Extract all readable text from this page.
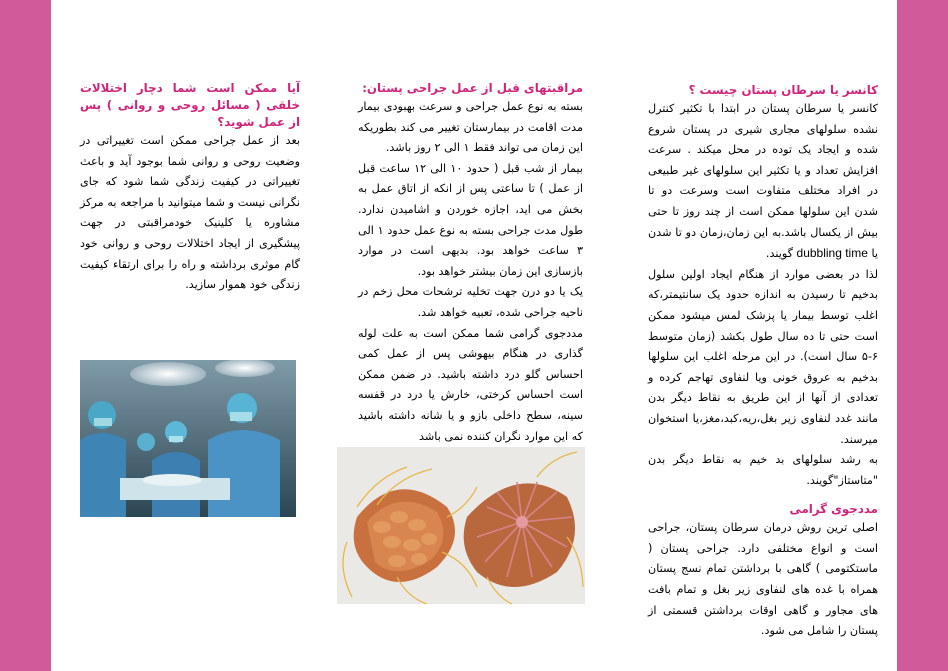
آیا ممکن است شما دچار اختلالات خلقی ( مسائل روحی و روانی ) پس از عمل شوید؟

بعد از عمل جراحی ممکن است تغییراتی در وضعیت روحی و روانی شما بوجود آید و باعث تغییراتی در کیفیت زندگی شما شود که جای نگرانی نیست و شما میتوانید با مراجعه به مرکز مشاوره یا کلینیک خودمراقبتی در جهت پیشگیری از ایجاد اختلالات روحی و روانی خود گام موثری برداشته و راه را برای ارتقاء کیفیت زندگی خود هموار سازید.

مراقبتهای قبل از عمل جراحی پستان:

بسته به نوع عمل جراحی و سرعت بهبودی بیمار مدت اقامت در بیمارستان تغییر می کند بطوریکه این زمان می تواند فقط ۱ الی ۲ روز باشد.

بیمار از شب قبل ( حدود ۱۰ الی ۱۲ ساعت قبل از عمل ) تا ساعتی پس از انکه از اتاق عمل به بخش می اید، اجازه خوردن و اشامیدن ندارد. طول مدت جراحی بسته به نوع عمل حدود ۱ الی ۳ ساعت خواهد بود. بدیهی است در موارد بازسازی این زمان بیشتر خواهد بود.

یک یا دو درن جهت تخلیه ترشحات محل زخم در ناحیه جراحی شده، تعبیه خواهد شد.

مددجوی گرامی شما ممکن است به علت لوله گذاری در هنگام بیهوشی پس از عمل کمی احساس گلو درد داشته باشید. در ضمن ممکن است احساس کرختی، خارش یا درد در قفسه سینه، سطح داخلی بازو و یا شانه داشته باشید که این موارد نگران کننده نمی باشد

کانسر یا سرطان پستان چیست ؟

کانسر یا سرطان پستان در ابتدا با تکثیر کنترل نشده سلولهای مجاری شیری در پستان شروع شده و ایجاد یک توده در محل میکند . سرعت افزایش تعداد و یا تکثیر این سلولهای غیر طبیعی در افراد مختلف متفاوت است وسرعت دو تا شدن این سلولها ممکن است از چند روز تا حتی بیش از یکسال باشد.به این زمان،زمان دو تا شدن یا dubbling time گویند.

لذا در بعضی موارد از هنگام ایجاد اولین سلول بدخیم تا رسیدن به اندازه حدود یک سانتیمتر،که اغلب توسط بیمار یا پزشک لمس میشود ممکن است حتی تا ده سال طول بکشد (زمان متوسط ۶-۵ سال است). در این مرحله اغلب این سلولها بدخیم به عروق خونی ویا لنفاوی تهاجم کرده و تعدادی از آنها از این طریق به نقاط دیگر بدن مانند غدد لنفاوی زیر بغل،ریه،کبد،مغز،یا استخوان میرسند.

به رشد سلولهای بد خیم به نقاط دیگر بدن "متاستاز"گویند.

مددجوی گرامی

اصلی ترین روش درمان سرطان پستان، جراحی است و انواع مختلفی دارد. جراحی پستان ( ماستکتومی ) گاهی با برداشتن تمام نسج پستان همراه با غده های لنفاوی زیر بغل و تمام بافت های مجاور و گاهی اوقات برداشتن قسمتی از پستان را شامل می شود.
